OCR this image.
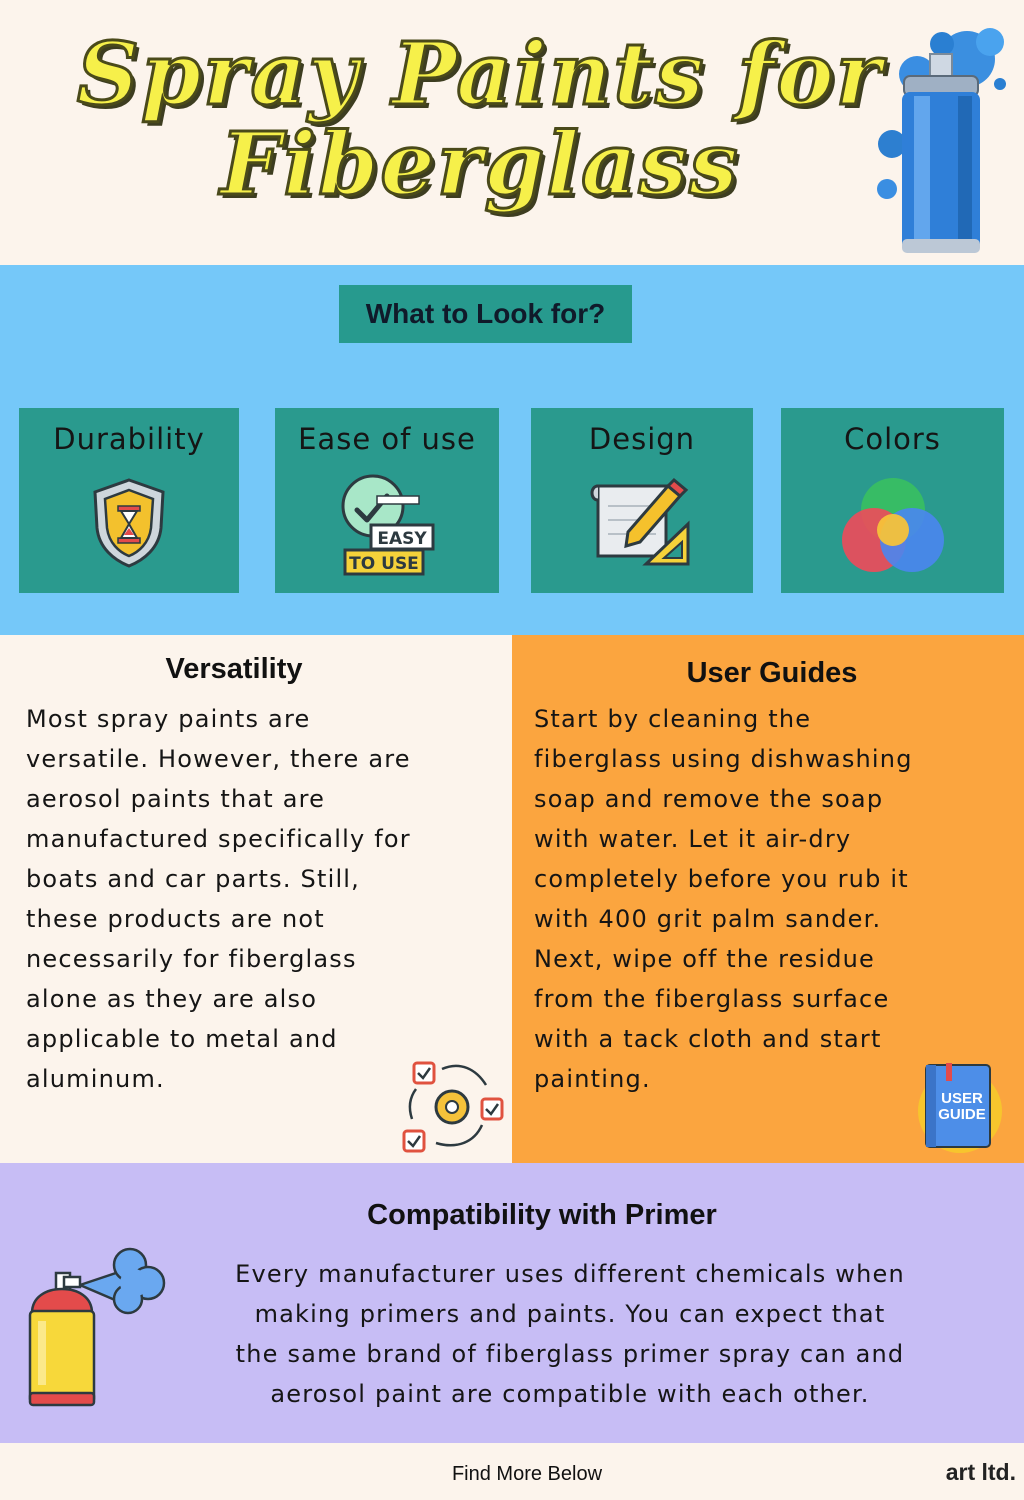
Spray Paints for
Fiberglass
What to Look for?
Durability	Ease of use
EASY
TO USE
Design	Colors
Versatility
Most spray paints are
versatile. However, there are
aerosol paints that are
manufactured specifically for
boats and car parts. Still,
these products are not
necessarily for fiberglass
alone as they are also
applicable to metal and
aluminum.
User Guides
Start by cleaning the
fiberglass using dishwashing
soap and remove the soap
with water. Let it air-dry
completely before you rub it
with 400 grit palm sander.
Next, wipe off the residue
from the fiberglass surface
with a tack cloth and start
painting.
USER
GUIDE
Compatibility with Primer
Every manufacturer uses different chemicals when
making primers and paints. You can expect that
the same brand of fiberglass primer spray can and
aerosol paint are compatible with each other.
Find More Below	art ltd.
